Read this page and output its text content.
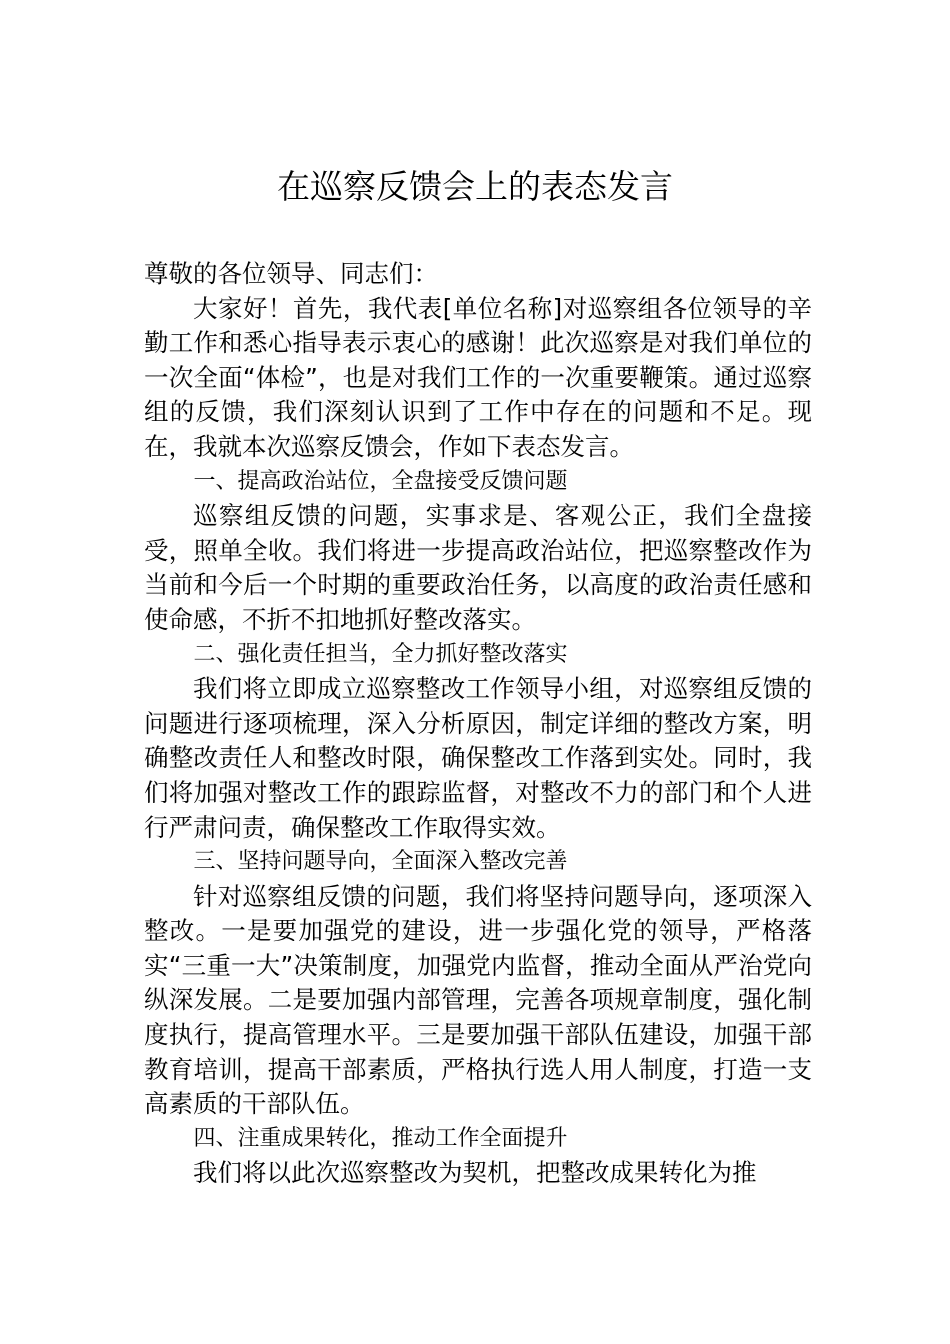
在巡察反馈会上的表态发言

尊敬的各位领导、同志们：

大家好！首先，我代表[单位名称]对巡察组各位领导的辛勤工作和悉心指导表示衷心的感谢！此次巡察是对我们单位的一次全面“体检”，也是对我们工作的一次重要鞭策。通过巡察组的反馈，我们深刻认识到了工作中存在的问题和不足。现在，我就本次巡察反馈会，作如下表态发言。

一、提高政治站位，全盘接受反馈问题

巡察组反馈的问题，实事求是、客观公正，我们全盘接受，照单全收。我们将进一步提高政治站位，把巡察整改作为当前和今后一个时期的重要政治任务，以高度的政治责任感和使命感，不折不扣地抓好整改落实。

二、强化责任担当，全力抓好整改落实

我们将立即成立巡察整改工作领导小组，对巡察组反馈的问题进行逐项梳理，深入分析原因，制定详细的整改方案，明确整改责任人和整改时限，确保整改工作落到实处。同时，我们将加强对整改工作的跟踪监督，对整改不力的部门和个人进行严肃问责，确保整改工作取得实效。

三、坚持问题导向，全面深入整改完善

针对巡察组反馈的问题，我们将坚持问题导向，逐项深入整改。一是要加强党的建设，进一步强化党的领导，严格落实“三重一大”决策制度，加强党内监督，推动全面从严治党向纵深发展。二是要加强内部管理，完善各项规章制度，强化制度执行，提高管理水平。三是要加强干部队伍建设，加强干部教育培训，提高干部素质，严格执行选人用人制度，打造一支高素质的干部队伍。

四、注重成果转化，推动工作全面提升

我们将以此次巡察整改为契机，把整改成果转化为推
